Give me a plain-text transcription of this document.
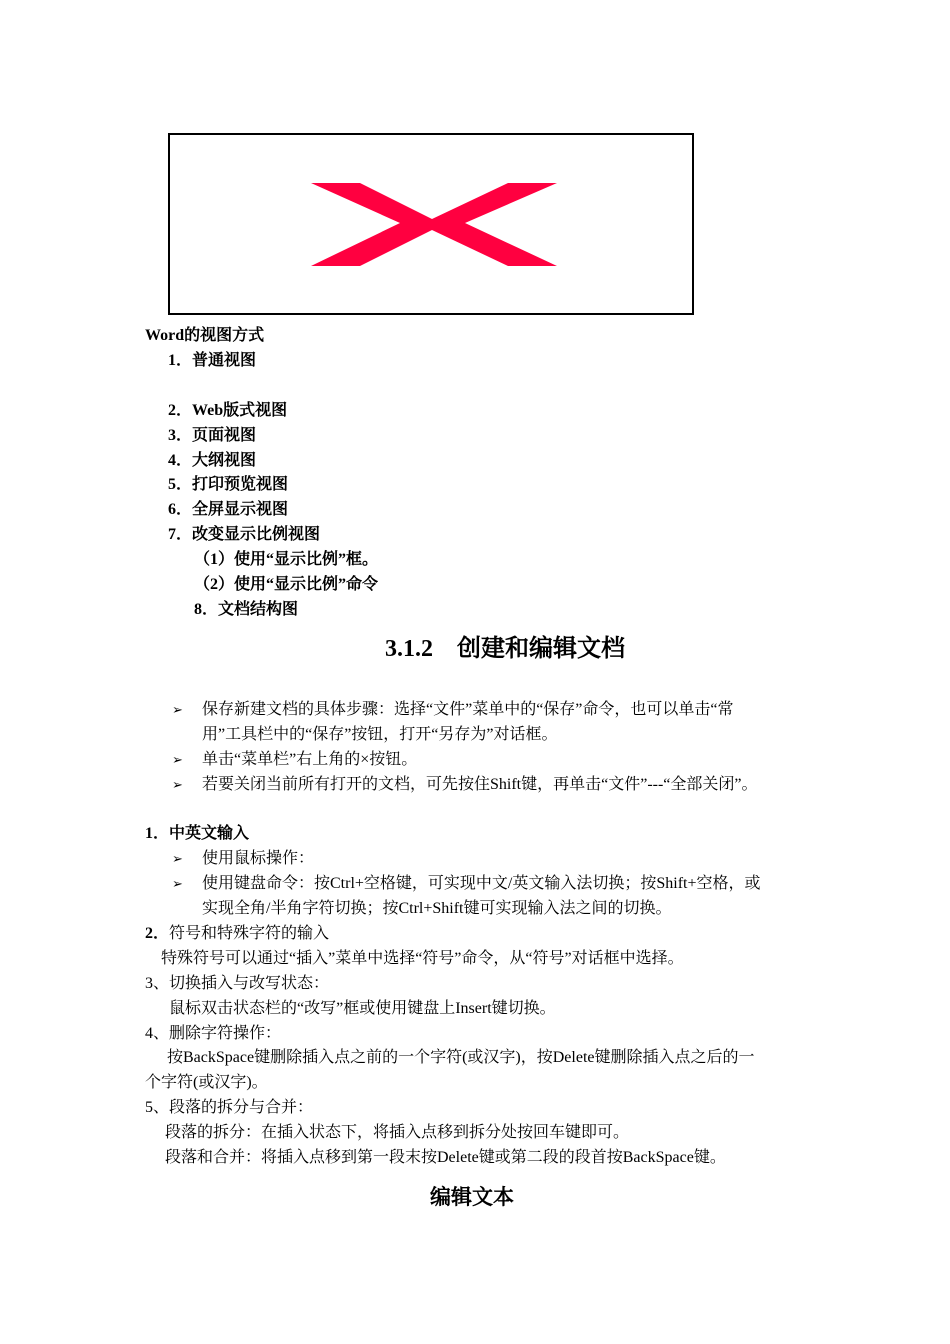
Word的视图方式
1．普通视图
2．Web版式视图
3．页面视图
4．大纲视图
5．打印预览视图
6．全屏显示视图
7．改变显示比例视图
（1）使用“显示比例”框。
（2）使用“显示比例”命令
8．文档结构图
3.1.2　创建和编辑文档
➢ 保存新建文档的具体步骤：选择“文件”菜单中的“保存”命令，也可以单击“常
用”工具栏中的“保存”按钮，打开“另存为”对话框。
➢ 单击“菜单栏”右上角的×按钮。
➢ 若要关闭当前所有打开的文档，可先按住Shift键，再单击“文件”---“全部关闭”。
1．中英文输入
➢ 使用鼠标操作：
➢ 使用键盘命令：按Ctrl+空格键，可实现中文/英文输入法切换；按Shift+空格，或
实现全角/半角字符切换；按Ctrl+Shift键可实现输入法之间的切换。
2．符号和特殊字符的输入
特殊符号可以通过“插入”菜单中选择“符号”命令，从“符号”对话框中选择。
3、切换插入与改写状态：
鼠标双击状态栏的“改写”框或使用键盘上Insert键切换。
4、删除字符操作：
按BackSpace键删除插入点之前的一个字符(或汉字)，按Delete键删除插入点之后的一
个字符(或汉字)。
5、段落的拆分与合并：
段落的拆分：在插入状态下，将插入点移到拆分处按回车键即可。
段落和合并：将插入点移到第一段末按Delete键或第二段的段首按BackSpace键。
编辑文本
